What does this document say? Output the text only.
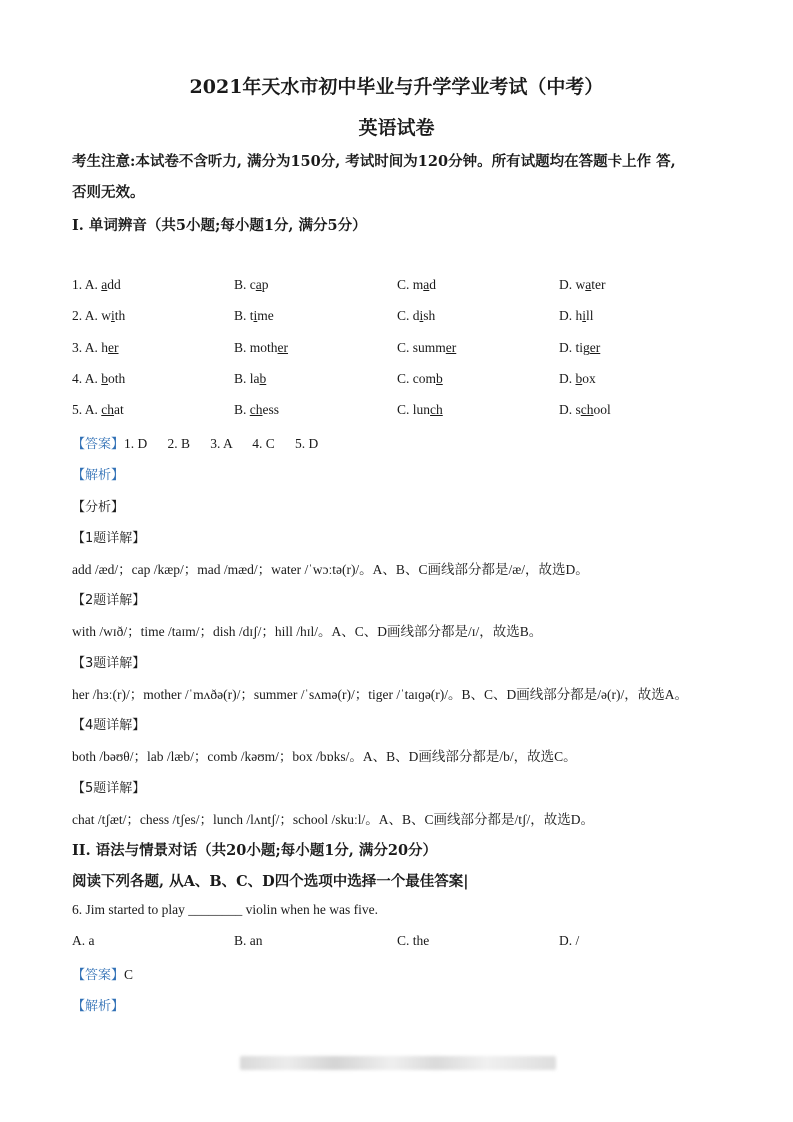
2021年天水市初中毕业与升学学业考试（中考）
英语试卷
考生注意:本试卷不含听力, 满分为150分, 考试时间为120分钟。所有试题均在答题卡上作 答,
否则无效。
I. 单词辨音（共5小题;每小题1分, 满分5分）
1. A. add	B. cap	C. mad	D. water
2. A. with	B. time	C. dish	D. hill
3. A. her	B. mother	C. summer	D. tiger
4. A. both	B. lab	C. comb	D. box
5. A. chat	B. chess	C. lunch	D. school
【答案】1. D      2. B      3. A      4. C      5. D
【解析】
【分析】
【1题详解】
add /æd/；cap /kæp/；mad /mæd/；water /ˈwɔːtə(r)/。A、B、C画线部分都是/æ/，故选D。
【2题详解】
with /wɪð/；time /taɪm/；dish /dɪʃ/；hill /hɪl/。A、C、D画线部分都是/ɪ/，故选B。
【3题详解】
her /hɜː(r)/；mother /ˈmʌðə(r)/；summer /ˈsʌmə(r)/；tiger /ˈtaɪɡə(r)/。B、C、D画线部分都是/ə(r)/，故选A。
【4题详解】
both /bəʊθ/；lab /læb/；comb /kəʊm/；box /bɒks/。A、B、D画线部分都是/b/，故选C。
【5题详解】
chat /tʃæt/；chess /tʃes/；lunch /lʌntʃ/；school /skuːl/。A、B、C画线部分都是/tʃ/，故选D。
II. 语法与情景对话（共20小题;每小题1分, 满分20分）
阅读下列各题, 从A、B、C、D四个选项中选择一个最佳答案|
6. Jim started to play ________ violin when he was five.
A. a	B. an	C. the	D. /
【答案】C
【解析】
